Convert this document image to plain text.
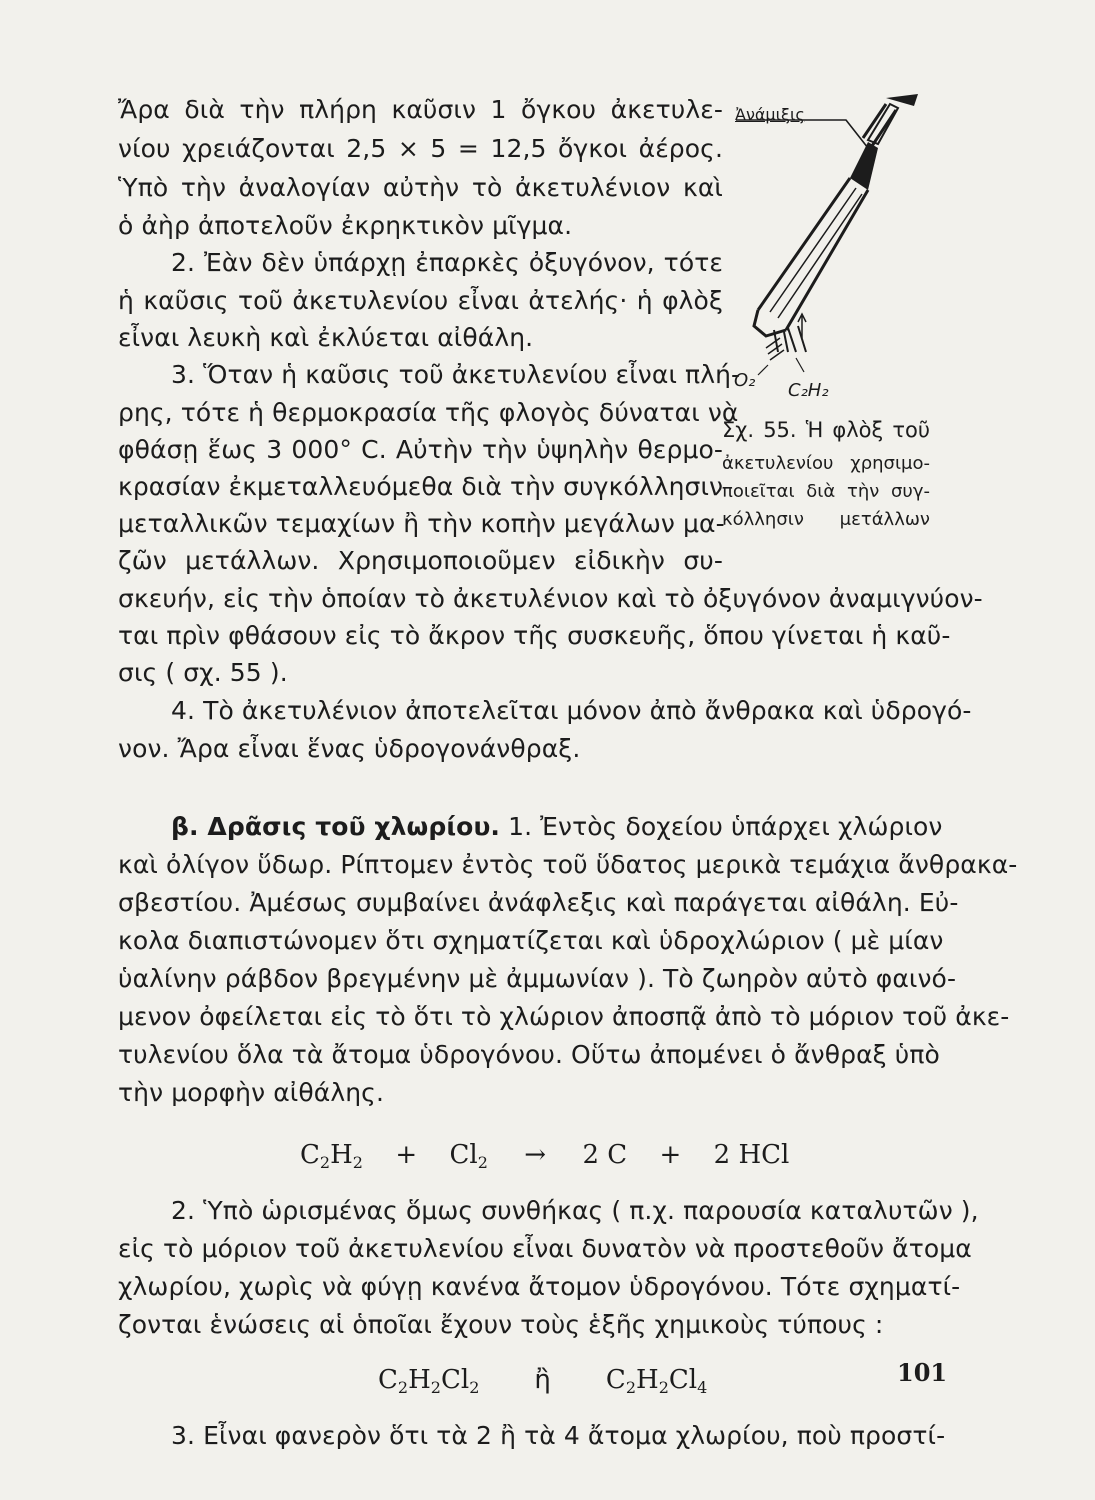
Ἄρα διὰ τὴν πλήρη καῦσιν 1 ὄγκου ἀκετυλε-
νίου χρειάζονται 2,5 × 5 = 12,5 ὄγκοι ἀέρος.
Ὑπὸ τὴν ἀναλογίαν αὐτὴν τὸ ἀκετυλένιον καὶ
ὁ ἀὴρ ἀποτελοῦν ἐκρηκτικὸν μῖγμα.
2. Ἐὰν δὲν ὑπάρχῃ ἐπαρκὲς ὀξυγόνον, τότε
ἡ καῦσις τοῦ ἀκετυλενίου εἶναι ἀτελής· ἡ φλὸξ
εἶναι λευκὴ καὶ ἐκλύεται αἰθάλη.
3. Ὅταν ἡ καῦσις τοῦ ἀκετυλενίου εἶναι πλή-
ρης, τότε ἡ θερμοκρασία τῆς φλογὸς δύναται νὰ
φθάσῃ ἕως 3 000° C. Αὐτὴν τὴν ὑψηλὴν θερμο-
κρασίαν ἐκμεταλλευόμεθα διὰ τὴν συγκόλλησιν
μεταλλικῶν τεμαχίων ἢ τὴν κοπὴν μεγάλων μα-
ζῶν μετάλλων. Χρησιμοποιοῦμεν εἰδικὴν συ-
σκευήν, εἰς τὴν ὁποίαν τὸ ἀκετυλένιον καὶ τὸ ὀξυγόνον ἀναμιγνύον-
ται πρὶν φθάσουν εἰς τὸ ἄκρον τῆς συσκευῆς, ὅπου γίνεται ἡ καῦ-
σις ( σχ. 55 ).
4. Τὸ ἀκετυλένιον ἀποτελεῖται μόνον ἀπὸ ἄνθρακα καὶ ὑδρογό-
νον. Ἄρα εἶναι ἕνας ὑδρογονάνθραξ.
β. Δρᾶσις τοῦ χλωρίου. 1. Ἐντὸς δοχείου ὑπάρχει χλώριον
καὶ ὀλίγον ὕδωρ. Ρίπτομεν ἐντὸς τοῦ ὕδατος μερικὰ τεμάχια ἄνθρακα-
σβεστίου. Ἀμέσως συμβαίνει ἀνάφλεξις καὶ παράγεται αἰθάλη. Εὐ-
κολα διαπιστώνομεν ὅτι σχηματίζεται καὶ ὑδροχλώριον ( μὲ μίαν
ὑαλίνην ράβδον βρεγμένην μὲ ἀμμωνίαν ). Τὸ ζωηρὸν αὐτὸ φαινό-
μενον ὀφείλεται εἰς τὸ ὅτι τὸ χλώριον ἀποσπᾷ ἀπὸ τὸ μόριον τοῦ ἀκε-
τυλενίου ὅλα τὰ ἄτομα ὑδρογόνου. Οὕτω ἀπομένει ὁ ἄνθραξ ὑπὸ
τὴν μορφὴν αἰθάλης.
$C_2H_2 + Cl_2 \to 2$ C + 2 HCl
2. Ὑπὸ ὡρισμένας ὅμως συνθήκας ( π.χ. παρουσία καταλυτῶν ),
εἰς τὸ μόριον τοῦ ἀκετυλενίου εἶναι δυνατὸν νὰ προστεθοῦν ἄτομα
χλωρίου, χωρὶς νὰ φύγῃ κανένα ἄτομον ὑδρογόνου. Τότε σχηματί-
ζονται ἑνώσεις αἱ ὁποῖαι ἔχουν τοὺς ἑξῆς χημικοὺς τύπους :
$C_2H_2Cl_2$ ἢ $C_2H_2Cl_4$
3. Εἶναι φανερὸν ὅτι τὰ 2 ἢ τὰ 4 ἄτομα χλωρίου, ποὺ προστί-
Ἀνάμιξις
O₂ C₂H₂
Σχ. 55. Ἡ φλὸξ τοῦ
ἀκετυλενίου χρησιμο-
ποιεῖται διὰ τὴν συγ-
κόλλησιν μετάλλων
101
